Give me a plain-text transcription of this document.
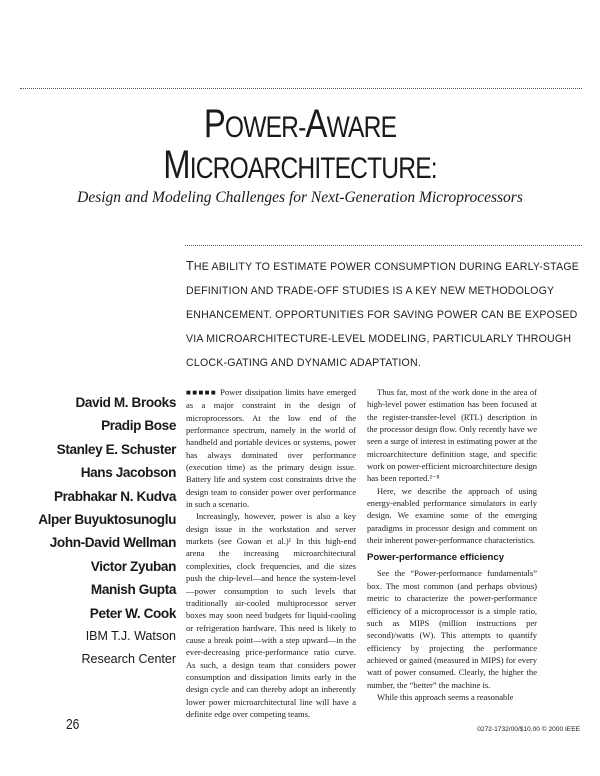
POWER-AWARE
MICROARCHITECTURE:
Design and Modeling Challenges for Next-Generation Microprocessors
THE ABILITY TO ESTIMATE POWER CONSUMPTION DURING EARLY-STAGE DEFINITION AND TRADE-OFF STUDIES IS A KEY NEW METHODOLOGY ENHANCEMENT. OPPORTUNITIES FOR SAVING POWER CAN BE EXPOSED VIA MICROARCHITECTURE-LEVEL MODELING, PARTICULARLY THROUGH CLOCK-GATING AND DYNAMIC ADAPTATION.
David M. Brooks
Pradip Bose
Stanley E. Schuster
Hans Jacobson
Prabhakar N. Kudva
Alper Buyuktosunoglu
John-David Wellman
Victor Zyuban
Manish Gupta
Peter W. Cook
IBM T.J. Watson
Research Center

■■■■■ Power dissipation limits have emerged as a major constraint in the design of microprocessors. At the low end of the performance spectrum, namely in the world of handheld and portable devices or systems, power has always dominated over performance (execution time) as the primary design issue. Battery life and system cost constraints drive the design team to consider power over performance in such a scenario.

Increasingly, however, power is also a key design issue in the workstation and server markets (see Gowan et al.)¹ In this high-end arena the increasing microarchitectural complexities, clock frequencies, and die sizes push the chip-level—and hence the system-level—power consumption to such levels that traditionally air-cooled multiprocessor server boxes may soon need budgets for liquid-cooling or refrigeration hardware. This need is likely to cause a break point—with a step upward—in the ever-decreasing price-performance ratio curve. As such, a design team that considers power consumption and dissipation limits early in the design cycle and can thereby adopt an inherently lower power microarchitectural line will have a definite edge over competing teams.

Thus far, most of the work done in the area of high-level power estimation has been focused at the register-transfer-level (RTL) description in the processor design flow. Only recently have we seen a surge of interest in estimating power at the microarchitecture definition stage, and specific work on power-efficient microarchitecture design has been reported.²⁻⁸

Here, we describe the approach of using energy-enabled performance simulators in early design. We examine some of the emerging paradigms in processor design and comment on their inherent power-performance characteristics.

Power-performance efficiency

See the “Power-performance fundamentals” box. The most common (and perhaps obvious) metric to characterize the power-performance efficiency of a microprocessor is a simple ratio, such as MIPS (million instructions per second)/watts (W). This attempts to quantify efficiency by projecting the performance achieved or gained (measured in MIPS) for every watt of power consumed. Clearly, the higher the number, the “better” the machine is.

While this approach seems a reasonable

26	0272-1732/00/$10.00 © 2000 IEEE
